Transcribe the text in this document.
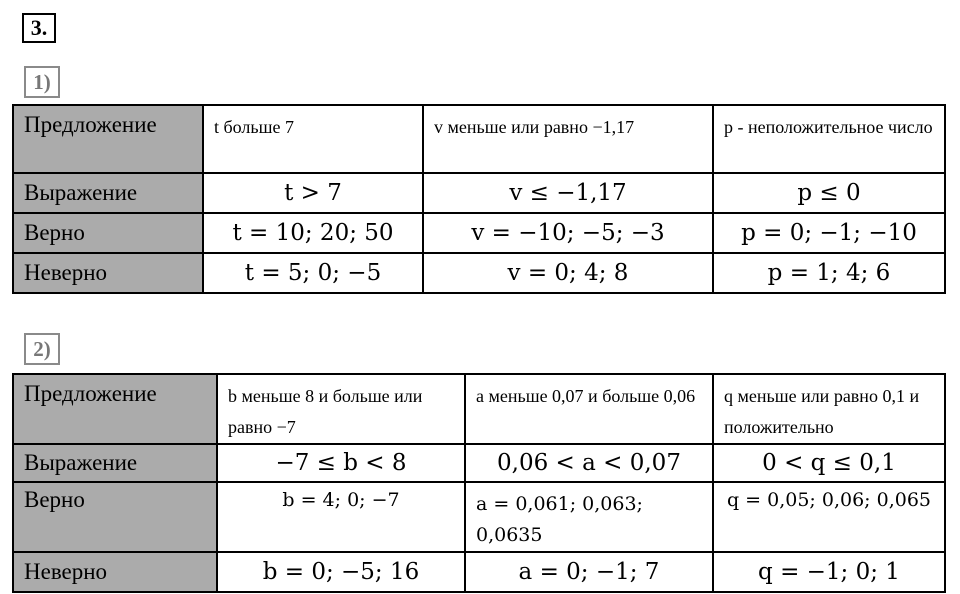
3.
1)
Предложение	t больше 7	v меньше или равно −1,17	p - неположительное число
Выражение	t > 7	v ≤ −1,17	p ≤ 0
Верно	t = 10; 20; 50	v = −10; −5; −3	p = 0; −1; −10
Неверно	t = 5; 0; −5	v = 0; 4; 8	p = 1; 4; 6
2)
Предложение	b меньше 8 и больше или равно −7	a меньше 0,07 и больше 0,06	q меньше или равно 0,1 и положительно
Выражение	−7 ≤ b < 8	0,06 < a < 0,07	0 < q ≤ 0,1
Верно	b = 4; 0; −7	a = 0,061; 0,063; 0,0635	q = 0,05; 0,06; 0,065
Неверно	b = 0; −5; 16	a = 0; −1; 7	q = −1; 0; 1
